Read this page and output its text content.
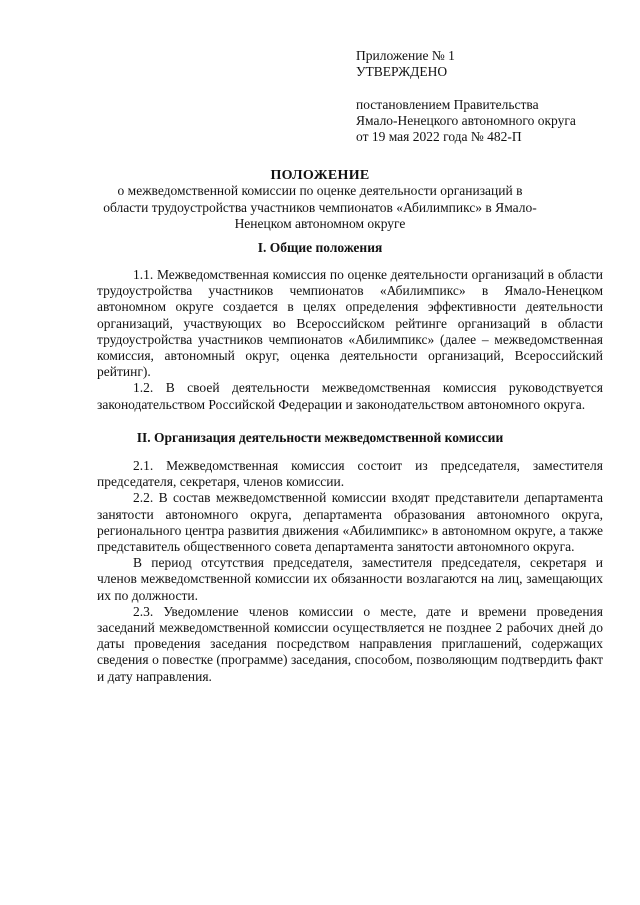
Приложение № 1
УТВЕРЖДЕНО
постановлением Правительства
Ямало-Ненецкого автономного округа
от 19 мая 2022 года № 482-П
ПОЛОЖЕНИЕ
о межведомственной комиссии по оценке деятельности организаций в области трудоустройства участников чемпионатов «Абилимпикс» в Ямало-Ненецком автономном округе
I. Общие положения

1.1. Межведомственная комиссия по оценке деятельности организаций в области трудоустройства участников чемпионатов «Абилимпикс» в Ямало-Ненецком автономном округе создается в целях определения эффективности деятельности организаций, участвующих во Всероссийском рейтинге организаций в области трудоустройства участников чемпионатов «Абилимпикс» (далее – межведомственная комиссия, автономный округ, оценка деятельности организаций, Всероссийский рейтинг).

1.2. В своей деятельности межведомственная комиссия руководствуется законодательством Российской Федерации и законодательством автономного округа.

II. Организация деятельности межведомственной комиссии

2.1. Межведомственная комиссия состоит из председателя, заместителя председателя, секретаря, членов комиссии.

2.2. В состав межведомственной комиссии входят представители департамента занятости автономного округа, департамента образования автономного округа, регионального центра развития движения «Абилимпикс» в автономном округе, а также представитель общественного совета департамента занятости автономного округа.

В период отсутствия председателя, заместителя председателя, секретаря и членов межведомственной комиссии их обязанности возлагаются на лиц, замещающих их по должности.

2.3. Уведомление членов комиссии о месте, дате и времени проведения заседаний межведомственной комиссии осуществляется не позднее 2 рабочих дней до даты проведения заседания посредством направления приглашений, содержащих сведения о повестке (программе) заседания, способом, позволяющим подтвердить факт и дату направления.
